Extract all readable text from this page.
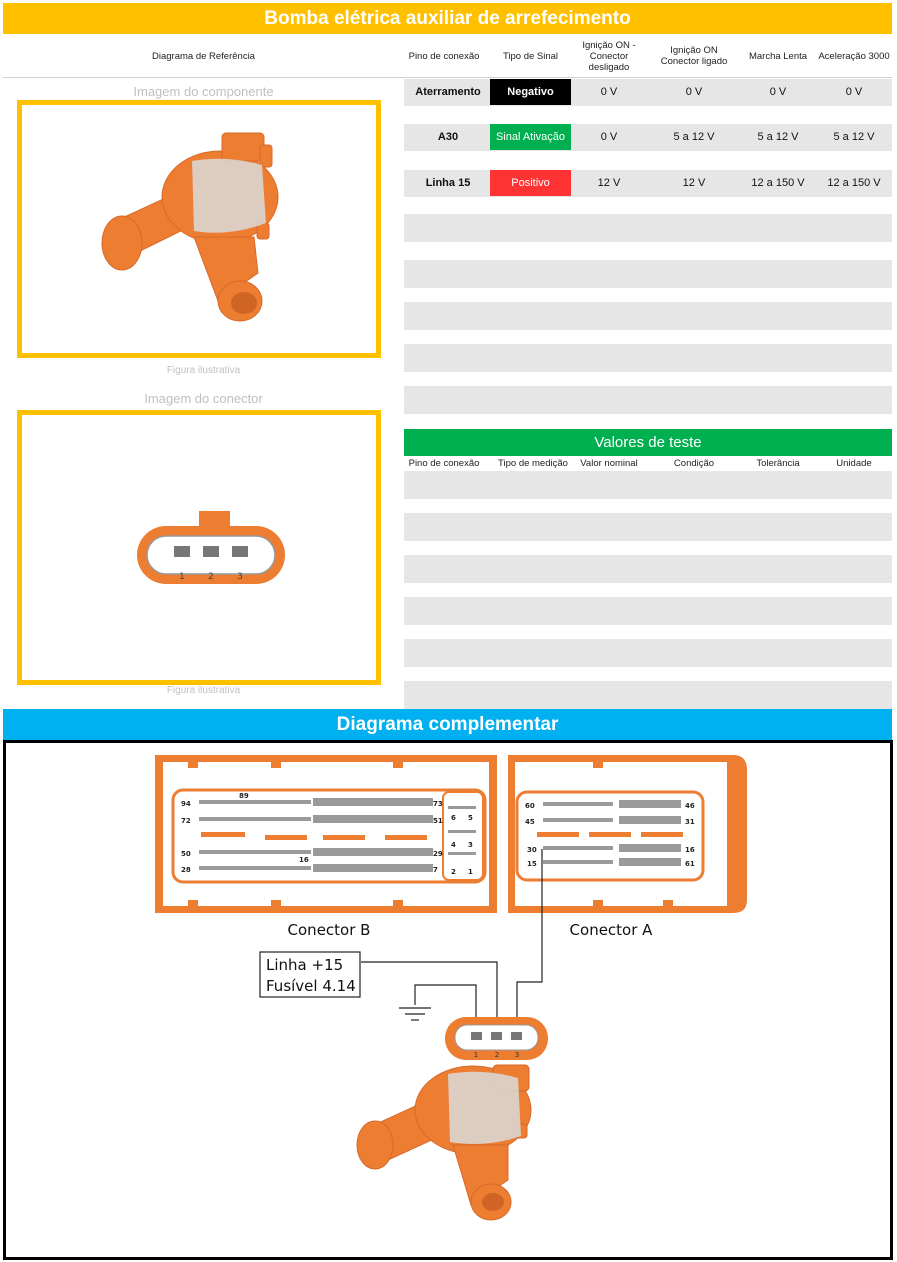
Bomba elétrica auxiliar de arrefecimento
Diagrama de Referência
Imagem do componente
Figura ilustrativa
Imagem do conector
1	2	3
Figura ilustrativa
Pino de conexão	Tipo de Sinal
Ignição ON - Conector desligado
Ignição ON Conector ligado	Marcha Lenta	Aceleração 3000
Aterramento	Negativo	0 V	0 V	0 V	0 V
A30	Sinal Ativação	0 V	5 a 12 V	5 a 12 V	5 a 12 V
Linha 15	Positivo	12 V	12 V	12 a 150 V	12 a 150 V
Valores de teste
Pino de conexão	Tipo de medição	Valor nominal	Condição	Tolerância	Unidade
Diagrama complementar
94
89
73
72	51
50
16
29
28	7
6 5
4 3
2 1
60	46
45	31
30	16
15	61
Conector B	Conector A
Linha +15
Fusível 4.14
1 2 3
